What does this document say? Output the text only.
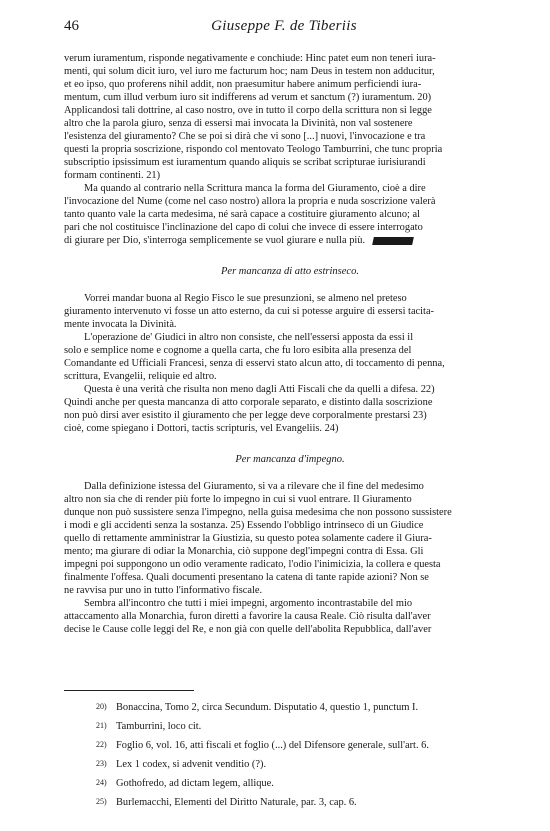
46	Giuseppe F. de Tiberiis
verum iuramentum, risponde negativamente e conchiude: Hinc patet eum non teneri iura-
menti, qui solum dicit iuro, vel iuro me facturum hoc; nam Deus in testem non adducitur,
et eo ipso, quo proferens nihil addit, non praesumitur habere animum perficiendi iura-
mentum, cum illud verbum iuro sit indifferens ad verum et sanctum (?) iuramentum. 20)
Applicandosi tali dottrine, al caso nostro, ove in tutto il corpo della scrittura non si legge
altro che la parola giuro, senza di essersi mai invocata la Divinità, non val sostenere
l'esistenza del giuramento? Che se poi si dirà che vi sono [...] nuovi, l'invocazione e tra
questi la propria soscrizione, rispondo col mentovato Teologo Tamburrini, che tunc propria
subscriptio ipsissimum est iuramentum quando aliquis se scribat scripturae iurisiurandi
formam continenti. 21)
Ma quando al contrario nella Scrittura manca la forma del Giuramento, cioè a dire
l'invocazione del Nume (come nel caso nostro) allora la propria e nuda soscrizione valerà
tanto quanto vale la carta medesima, né sarà capace a costituire giuramento alcuno; al
pari che nol costituisce l'inclinazione del capo di colui che invece di essere interrogato
di giurare per Dio, s'interroga semplicemente se vuol giurare e nulla più.
Per mancanza di atto estrinseco.
Vorrei mandar buona al Regio Fisco le sue presunzioni, se almeno nel preteso
giuramento intervenuto vi fosse un atto esterno, da cui si potesse arguire di essersi tacita-
mente invocata la Divinità.
L'operazione de' Giudici in altro non consiste, che nell'essersi apposta da essi il
solo e semplice nome e cognome a quella carta, che fu loro esibita alla presenza del
Comandante ed Ufficiali Francesi, senza di esservi stato alcun atto, di toccamento di penna,
scrittura, Evangelii, reliquie ed altro.
Questa è una verità che risulta non meno dagli Atti Fiscali che da quelli a difesa. 22)
Quindi anche per questa mancanza di atto corporale separato, e distinto dalla soscrizione
non può dirsi aver esistito il giuramento che per legge deve corporalmente prestarsi 23)
cioè, come spiegano i Dottori, tactis scripturis, vel Evangeliis. 24)
Per mancanza d'impegno.
Dalla definizione istessa del Giuramento, si va a rilevare che il fine del medesimo
altro non sia che di render più forte lo impegno in cui si vuol entrare. Il Giuramento
dunque non può sussistere senza l'impegno, nella guisa medesima che non possono sussistere
i modi e gli accidenti senza la sostanza. 25) Essendo l'obbligo intrinseco di un Giudice
quello di rettamente amministrar la Giustizia, su questo potea solamente cadere il Giura-
mento; ma giurare di odiar la Monarchia, ciò suppone degl'impegni contra di Essa. Gli
impegni poi suppongono un odio veramente radicato, l'odio l'inimicizia, la collera e questa
finalmente l'offesa. Quali documenti presentano la catena di tante rapide azioni? Non se
ne ravvisa pur uno in tutto l'informativo fiscale.
Sembra all'incontro che tutti i miei impegni, argomento incontrastabile del mio
attaccamento alla Monarchia, furon diretti a favorire la causa Reale. Ciò risulta dall'aver
decise le Cause colle leggi del Re, e non già con quelle dell'abolita Repubblica, dall'aver
20) Bonaccina, Tomo 2, circa Secundum. Disputatio 4, questio 1, punctum I.
21) Tamburrini, loco cit.
22) Foglio 6, vol. 16, atti fiscali et foglio (...) del Difensore generale, sull'art. 6.
23) Lex 1 codex, si advenit venditio (?).
24) Gothofredo, ad dictam legem, allique.
25) Burlemacchi, Elementi del Diritto Naturale, par. 3, cap. 6.
